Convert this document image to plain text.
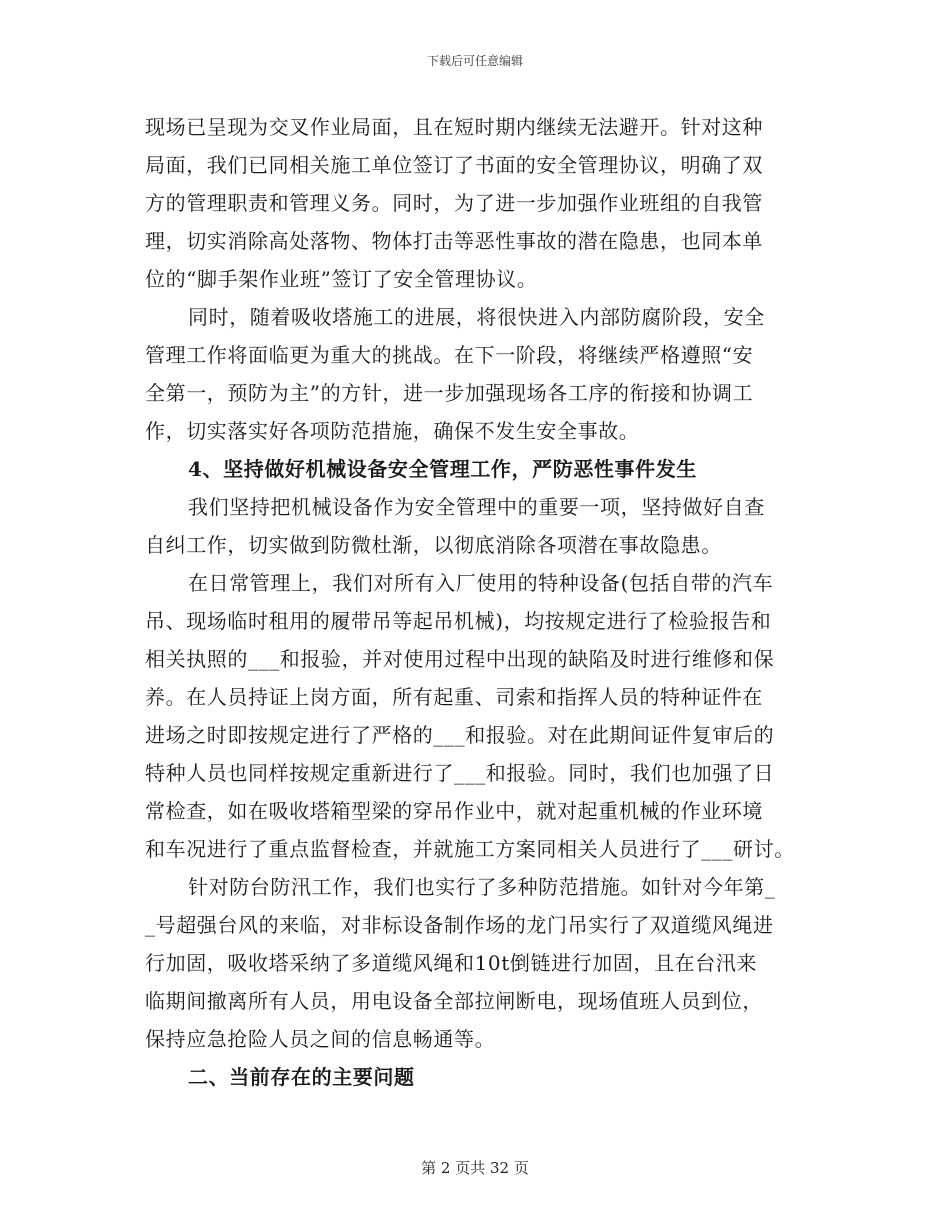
下载后可任意编辑
现场已呈现为交叉作业局面，且在短时期内继续无法避开。针对这种
局面，我们已同相关施工单位签订了书面的安全管理协议，明确了双
方的管理职责和管理义务。同时，为了进一步加强作业班组的自我管
理，切实消除高处落物、物体打击等恶性事故的潜在隐患，也同本单
位的“脚手架作业班”签订了安全管理协议。
同时，随着吸收塔施工的进展，将很快进入内部防腐阶段，安全
管理工作将面临更为重大的挑战。在下一阶段，将继续严格遵照“安
全第一，预防为主”的方针，进一步加强现场各工序的衔接和协调工
作，切实落实好各项防范措施，确保不发生安全事故。
4、坚持做好机械设备安全管理工作，严防恶性事件发生
我们坚持把机械设备作为安全管理中的重要一项，坚持做好自查
自纠工作，切实做到防微杜渐，以彻底消除各项潜在事故隐患。
在日常管理上，我们对所有入厂使用的特种设备(包括自带的汽车
吊、现场临时租用的履带吊等起吊机械)，均按规定进行了检验报告和
相关执照的___和报验，并对使用过程中出现的缺陷及时进行维修和保
养。在人员持证上岗方面，所有起重、司索和指挥人员的特种证件在
进场之时即按规定进行了严格的___和报验。对在此期间证件复审后的
特种人员也同样按规定重新进行了___和报验。同时，我们也加强了日
常检查，如在吸收塔箱型梁的穿吊作业中，就对起重机械的作业环境
和车况进行了重点监督检查，并就施工方案同相关人员进行了___研讨。
针对防台防汛工作，我们也实行了多种防范措施。如针对今年第_
_号超强台风的来临，对非标设备制作场的龙门吊实行了双道缆风绳进
行加固，吸收塔采纳了多道缆风绳和10t倒链进行加固，且在台汛来
临期间撤离所有人员，用电设备全部拉闸断电，现场值班人员到位，
保持应急抢险人员之间的信息畅通等。
二、当前存在的主要问题
第 2 页共 32 页
